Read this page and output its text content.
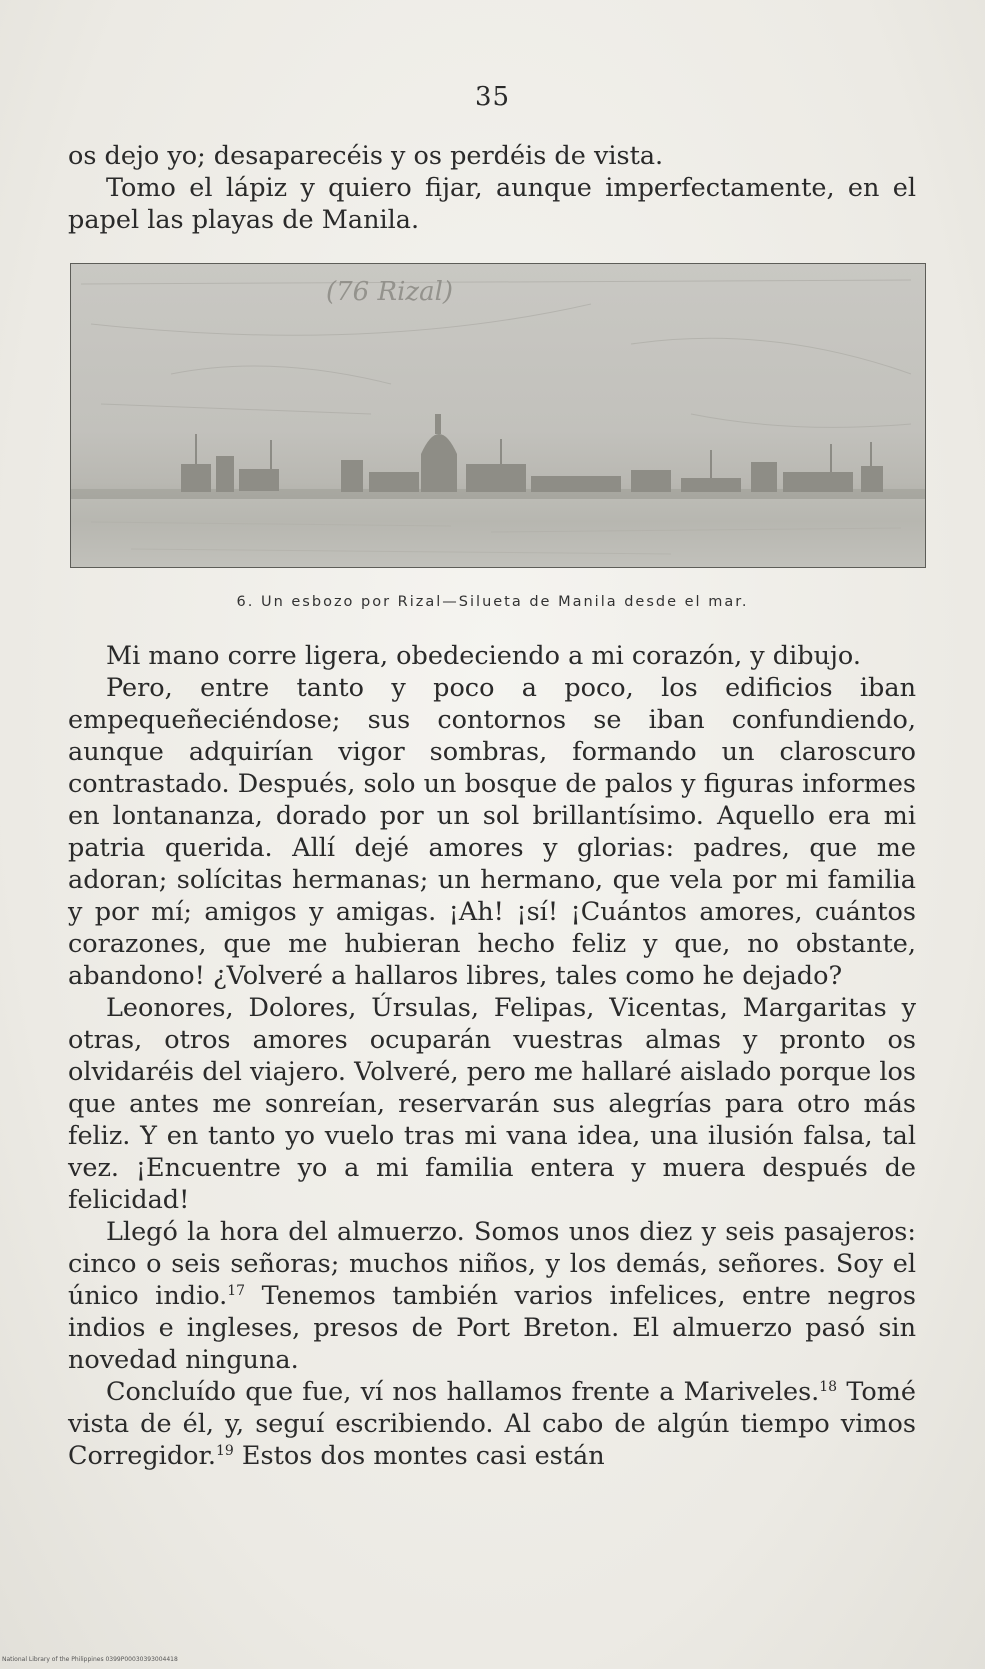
35

os dejo yo; desaparecéis y os perdéis de vista.

Tomo el lápiz y quiero fijar, aunque imperfectamente, en el papel las playas de Manila.

(76 Rizal)
6. Un esbozo por Rizal—Silueta de Manila desde el mar.

Mi mano corre ligera, obedeciendo a mi corazón, y dibujo.

Pero, entre tanto y poco a poco, los edificios iban empequeñeciéndose; sus contornos se iban confundiendo, aunque adquirían vigor sombras, formando un claroscuro contrastado. Después, solo un bosque de palos y figuras informes en lontananza, dorado por un sol brillantísimo. Aquello era mi patria querida. Allí dejé amores y glorias: padres, que me adoran; solícitas hermanas; un hermano, que vela por mi familia y por mí; amigos y amigas. ¡Ah! ¡sí! ¡Cuántos amores, cuántos corazones, que me hubieran hecho feliz y que, no obstante, abandono! ¿Volveré a hallaros libres, tales como he dejado?

Leonores, Dolores, Úrsulas, Felipas, Vicentas, Margaritas y otras, otros amores ocuparán vuestras almas y pronto os olvidaréis del viajero. Volveré, pero me hallaré aislado porque los que antes me sonreían, reservarán sus alegrías para otro más feliz. Y en tanto yo vuelo tras mi vana idea, una ilusión falsa, tal vez. ¡Encuentre yo a mi familia entera y muera después de felicidad!

Llegó la hora del almuerzo. Somos unos diez y seis pasajeros: cinco o seis señoras; muchos niños, y los demás, señores. Soy el único indio.$^{17}$ Tenemos también varios infelices, entre negros indios e ingleses, presos de Port Breton. El almuerzo pasó sin novedad ninguna.

Concluído que fue, ví nos hallamos frente a Mariveles.$^{18}$ Tomé vista de él, y, seguí escribiendo. Al cabo de algún tiempo vimos Corregidor.$^{19}$ Estos dos montes casi están

National Library of the Philippines 0399P00030393004418
